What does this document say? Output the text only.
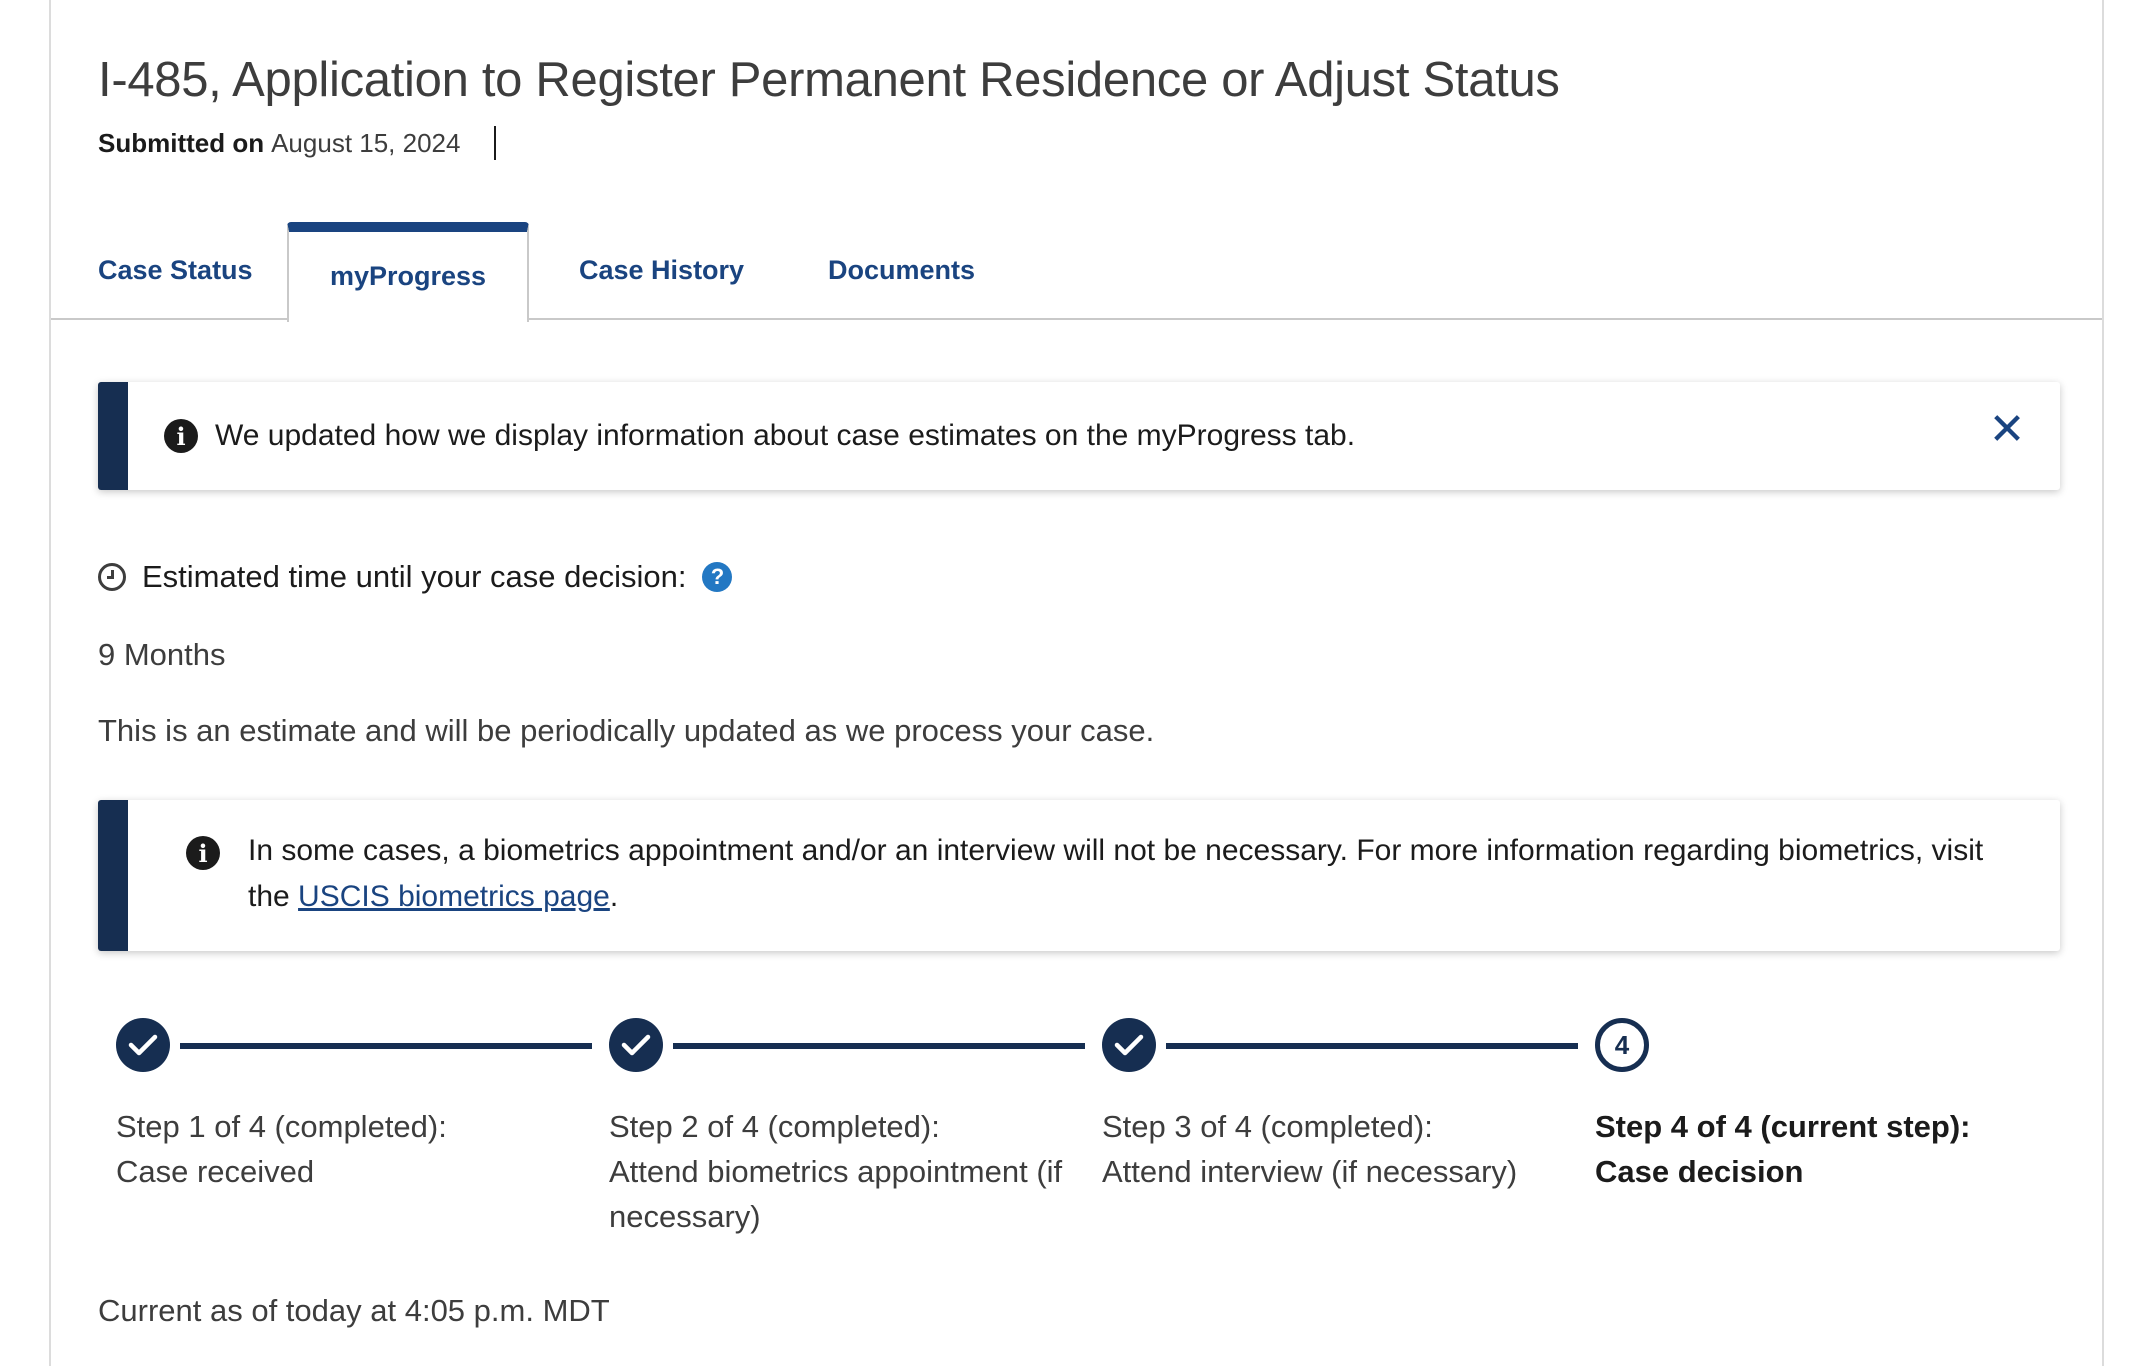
I-485, Application to Register Permanent Residence or Adjust Status
Submitted on August 15, 2024
Case Status	myProgress	Case History	Documents
i We updated how we display information about case estimates on the myProgress tab.	✕
Estimated time until your case decision:	?
9 Months
This is an estimate and will be periodically updated as we process your case.
i	In some cases, a biometrics appointment and/or an interview will not be necessary. For more information regarding biometrics, visit the USCIS biometrics page.
4
Step 1 of 4 (completed):
Case received
Step 2 of 4 (completed):
Attend biometrics appointment (if necessary)
Step 3 of 4 (completed):
Attend interview (if necessary)
Step 4 of 4 (current step):
Case decision
Current as of today at 4:05 p.m. MDT
